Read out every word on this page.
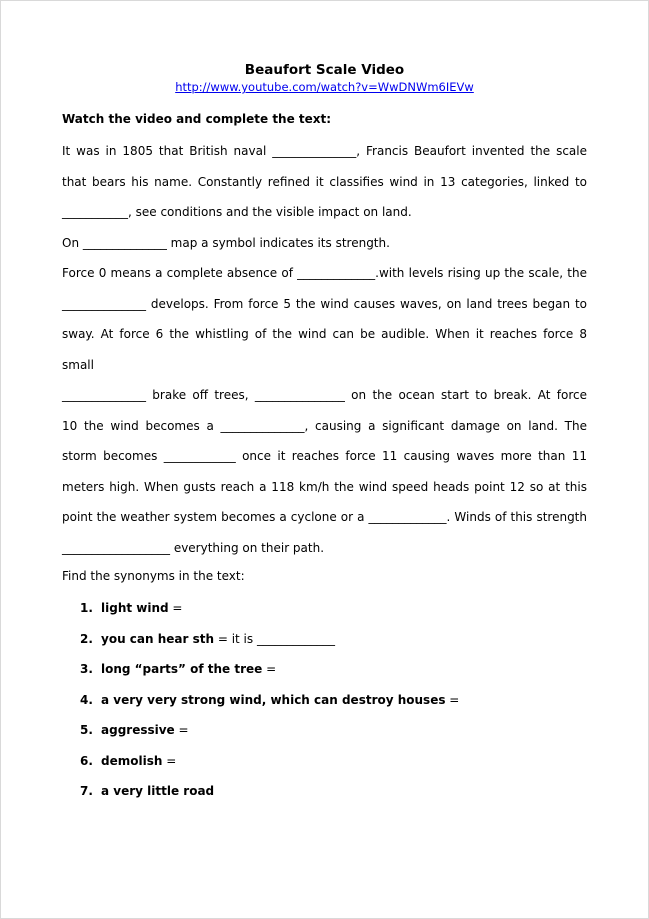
Beaufort Scale Video
http://www.youtube.com/watch?v=WwDNWm6IEVw
Watch the video and complete the text:

It was in 1805 that British naval ______________, Francis Beaufort invented the scale

that bears his name. Constantly refined it classifies wind in 13 categories, linked to

___________, see conditions and the visible impact on land.

On ______________ map a symbol indicates its strength.

Force 0 means a complete absence of _____________.with levels rising up the scale, the

______________ develops. From force 5 the wind causes waves, on land trees began to

sway. At force 6 the whistling of the wind can be audible. When it reaches force 8 small

______________ brake off trees, _______________ on the ocean start to break. At force

10 the wind becomes a ______________, causing a significant damage on land. The

storm becomes ____________ once it reaches force 11 causing waves more than 11

meters high. When gusts reach a 118 km/h the wind speed heads point 12 so at this

point the weather system becomes a cyclone or a _____________. Winds of this strength

__________________ everything on their path.

Find the synonyms in the text:
1. light wind =
2. you can hear sth = it is _____________
3. long “parts” of the tree =
4. a very very strong wind, which can destroy houses =
5. aggressive =
6. demolish =
7. a very little road
